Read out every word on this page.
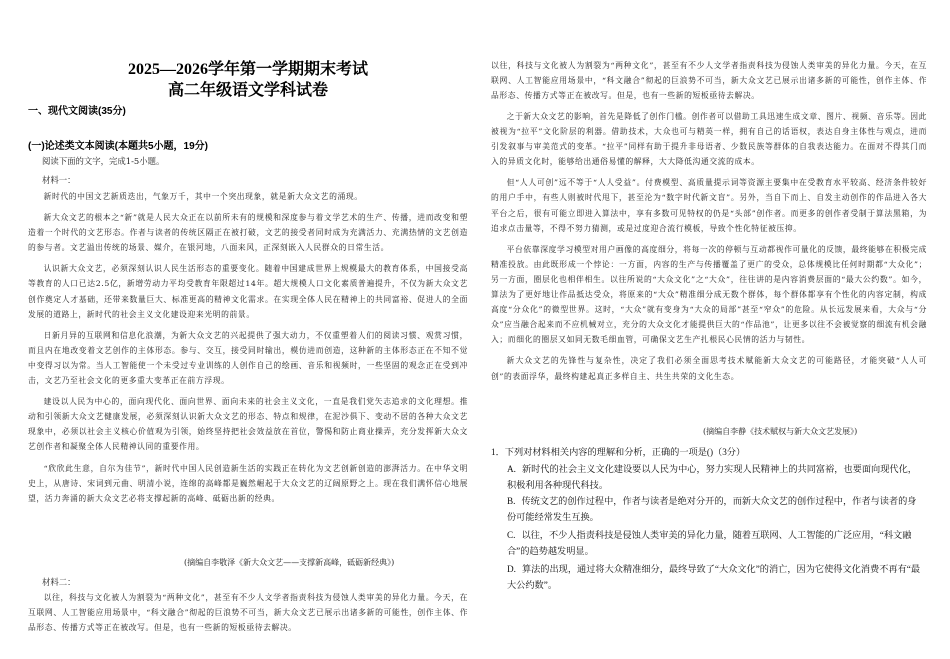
2025—2026学年第一学期期末考试
高二年级语文学科试卷
一、现代文阅读(35分)
(一)论述类文本阅读(本题共5小题，19分)
阅读下面的文字，完成1-5小题。
材料一：

新时代的中国文艺新质迭出，气象万千，其中一个突出现象，就是新大众文艺的涌现。

新大众文艺的根本之“新”就是人民大众正在以前所未有的规模和深度参与着文学艺术的生产、传播，进而改变和塑造着一个时代的文艺形态。作者与读者的传统区隔正在被打破，文艺的接受者同时成为充满活力、充满热情的文艺创造的参与者。文艺溢出传统的场景、媒介，在银河地，八面来风，正深刻嵌入人民群众的日常生活。

认识新大众文艺，必须深刻认识人民生活形态的重要变化。随着中国建成世界上规模最大的教育体系，中国接受高等教育的人口已达2.5亿，新增劳动力平均受教育年限超过14年。超大规模人口文化素质普遍提升，不仅为新大众文艺创作奠定人才基础，还带来数量巨大、标准更高的精神文化需求。在实现全体人民在精神上的共同富裕、促进人的全面发展的道路上，新时代的社会主义文化建设迎来光明的前景。

日新月异的互联网和信息化浪潮，为新大众文艺的兴起提供了强大动力，不仅重塑着人们的阅读习惯、观赏习惯，而且内在地改变着文艺创作的主体形态。参与、交互，接受同时输出，模仿进而创造，这种新的主体形态正在不知不觉中变得习以为常。当人工智能使一个未受过专业训练的人创作自己的绘画、音乐和视频时，一些坚固的观念正在受到冲击，文艺乃至社会文化的更多重大变革正在前方浮现。

建设以人民为中心的，面向现代化、面向世界、面向未来的社会主义文化，一直是我们党矢志追求的文化理想。推动和引领新大众文艺健康发展，必须深刻认识新大众文艺的形态、特点和规律，在泥沙俱下、变动不居的各种大众文艺现象中，必须以社会主义核心价值观为引领，始终坚持把社会效益放在首位，警惕和防止商业操弄，充分发挥新大众文艺创作者和凝聚全体人民精神认同的重要作用。

“欣欣此生意，自尔为佳节”，新时代中国人民创造新生活的实践正在转化为文艺创新创造的澎湃活力。在中华文明史上，从唐诗、宋词到元曲、明清小说，连绵的高峰都是巍然崛起于大众文艺的辽阔原野之上。现在我们满怀信心地展望，活力奔涌的新大众文艺必将支撑起新的高峰、砥砺出新的经典。

(摘编自李敬泽《新大众文艺——支撑新高峰，砥砺新经典》)
材料二：

以往，科技与文化被人为割裂为“两种文化”，甚至有不少人文学者指责科技为侵蚀人类审美的异化力量。今天，在互联网、人工智能应用场景中，“科文融合”彻起的巨浪势不可当，新大众文艺已展示出诸多新的可能性，创作主体、作品形态、传播方式等正在被改写。但是，也有一些新的短板亟待去解决。

以往，科技与文化被人为割裂为“两种文化”，甚至有不少人文学者指责科技为侵蚀人类审美的异化力量。今天，在互联网、人工智能应用场景中，“科文融合”彻起的巨浪势不可当，新大众文艺已展示出诸多新的可能性，创作主体、作品形态、传播方式等正在被改写。但是，也有一些新的短板亟待去解决。

之于新大众文艺的影响，首先是降低了创作门槛。创作者可以借助工具迅速生成文章、图片、视频、音乐等。因此被视为“拉平”文化阶层的利器。借助技术，大众也可与精英一样，拥有自己的话语权，表达自身主体性与观点，进而引发叙事与审美范式的变革。“拉平”同样有助于提升非母语者、少数民族等群体的自我表达能力。在面对不得其门而入的异质文化时，能够给出通俗易懂的解释，大大降低沟通交流的成本。

但“人人可创”远不等于“人人受益”。付费模型、高质量提示词等资源主要集中在受教育水平较高、经济条件较好的用户手中，有些人则被时代甩下，甚至沦为“数字时代新文盲”。另外，当自下而上、自发主动创作的作品进入各大平台之后，很有可能立即进入算法中，享有多数可见特权的仍是“头部”创作者。而更多的创作者受制于算法黑箱，为追求点击量等，不得不努力猜测，或是过度迎合流行模板，导致个性化特征被压抑。

平台依靠深度学习模型对用户画像的高度细分，将每一次的停顿与互动都视作可量化的反馈，最终能够在积极完成精准投放。由此既形成一个悖论：一方面，内容的生产与传播覆盖了更广的受众，总体规模比任何时期都“大众化”；另一方面，圈层化也相伴相生。以往所说的“大众文化”之“大众”，往往讲的是内容消费层面的“最大公约数”。如今，算法为了更好地让作品抵达受众，将原来的“大众”精准细分成无数个群体，每个群体都享有个性化的内容定制，构成高度“分众化”的微型世界。这时，“大众”就有变身为“大众的局部”甚至“窄众”的危险。从长远发展来看，大众与“分众”应当融合起来而不应机械对立，充分的大众文化才能提供巨大的“作品池”，让更多以往不会被觉察的细流有机会融入；而细化的圈层又如同无数毛细血管，可确保文艺生产扎根民心民情的活力与韧性。

新大众文艺的先锋性与复杂性，决定了我们必须全面思考技术赋能新大众文艺的可能路径，才能突破“人人可创”的表面浮华，最终构建起真正多样自主、共生共荣的文化生态。

(摘编自李静《技术赋权与新大众文艺发展》)
1．下列对材料相关内容的理解和分析，正确的一项是()（3分）
A. 新时代的社会主义文化建设要以人民为中心，努力实现人民精神上的共同富裕，也要面向现代化，积极利用各种现代科技。
B. 传统文艺的创作过程中，作者与读者是绝对分开的，而新大众文艺的创作过程中，作者与读者的身份可能经常发生互换。
C. 以往，不少人指责科技是侵蚀人类审美的异化力量，随着互联网、人工智能的广泛应用，“科文融合”的趋势越发明显。
D. 算法的出现，通过将大众精准细分，最终导致了“大众文化”的消亡，因为它使得文化消费不再有“最大公约数”。
